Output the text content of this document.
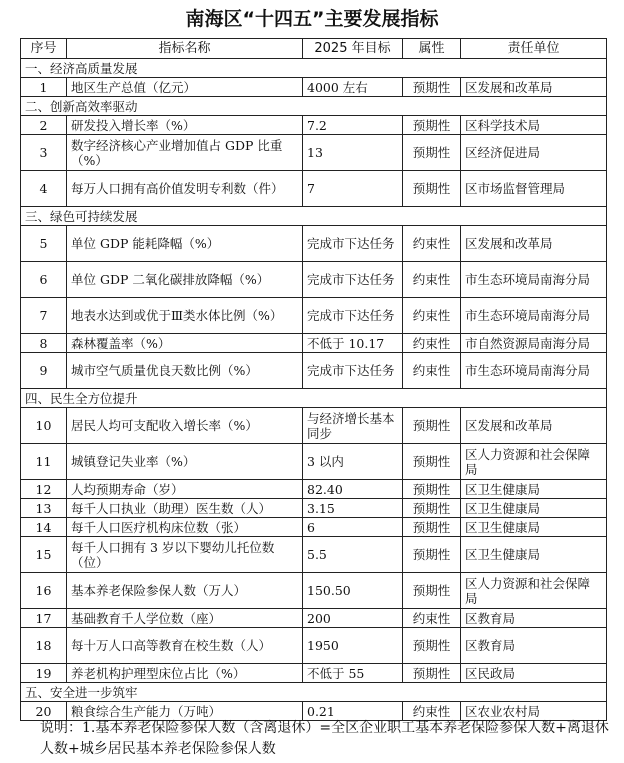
南海区“十四五”主要发展指标
序号	指标名称	2025 年目标	属性	责任单位
一、经济高质量发展				
1	地区生产总值（亿元）	4000 左右	预期性	区发展和改革局
二、创新高效率驱动				
2	研发投入增长率（%）	7.2	预期性	区科学技术局
3	数字经济核心产业增加值占 GDP 比重（%）	13	预期性	区经济促进局
4	每万人口拥有高价值发明专利数（件）	7	预期性	区市场监督管理局
三、绿色可持续发展				
5	单位 GDP 能耗降幅（%）	完成市下达任务	约束性	区发展和改革局
6	单位 GDP 二氧化碳排放降幅（%）	完成市下达任务	约束性	市生态环境局南海分局
7	地表水达到或优于Ⅲ类水体比例（%）	完成市下达任务	约束性	市生态环境局南海分局
8	森林覆盖率（%）	不低于 10.17	约束性	市自然资源局南海分局
9	城市空气质量优良天数比例（%）	完成市下达任务	约束性	市生态环境局南海分局
四、民生全方位提升				
10	居民人均可支配收入增长率（%）	与经济增长基本同步	预期性	区发展和改革局
11	城镇登记失业率（%）	3 以内	预期性	区人力资源和社会保障局
12	人均预期寿命（岁）	82.40	预期性	区卫生健康局
13	每千人口执业（助理）医生数（人）	3.15	预期性	区卫生健康局
14	每千人口医疗机构床位数（张）	6	预期性	区卫生健康局
15	每千人口拥有 3 岁以下婴幼儿托位数（位）	5.5	预期性	区卫生健康局
16	基本养老保险参保人数（万人）	150.50	预期性	区人力资源和社会保障局
17	基础教育千人学位数（座）	200	约束性	区教育局
18	每十万人口高等教育在校生数（人）	1950	预期性	区教育局
19	养老机构护理型床位占比（%）	不低于 55	预期性	区民政局
五、安全进一步筑牢				
20	粮食综合生产能力（万吨）	0.21	约束性	区农业农村局
说明：1.基本养老保险参保人数（含离退休）=全区企业职工基本养老保险参保人数+离退休人数+城乡居民基本养老保险参保人数
